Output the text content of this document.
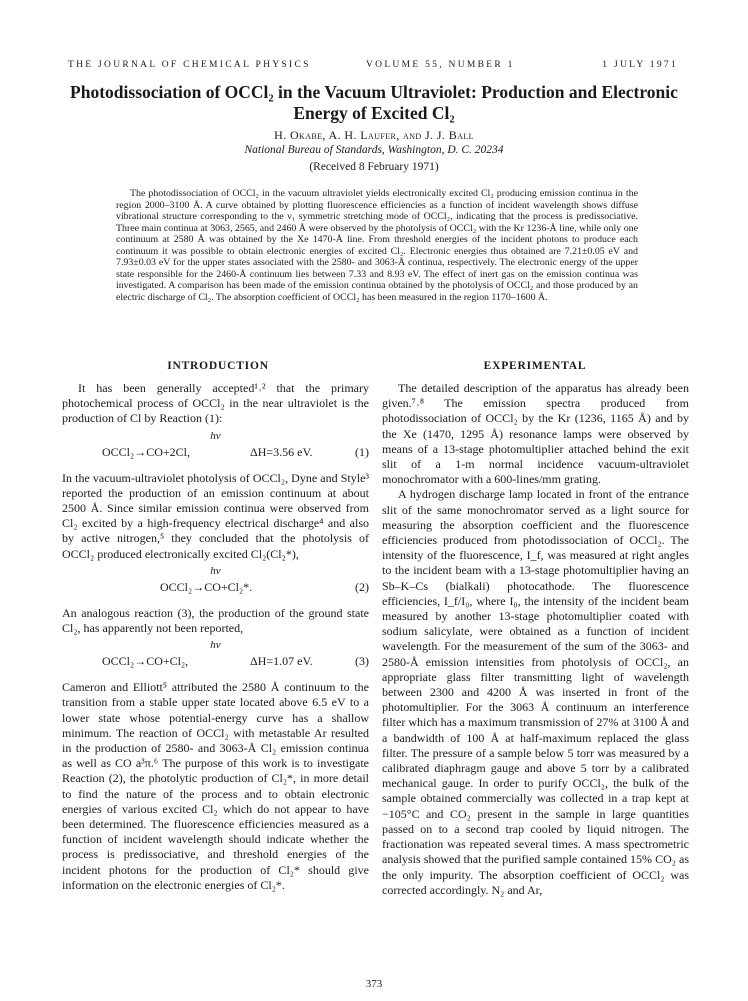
THE JOURNAL OF CHEMICAL PHYSICS	VOLUME 55, NUMBER 1	1 JULY 1971
Photodissociation of OCCl₂ in the Vacuum Ultraviolet: Production and Electronic Energy of Excited Cl₂
H. Okabe, A. H. Laufer, and J. J. Ball
National Bureau of Standards, Washington, D. C. 20234
(Received 8 February 1971)
The photodissociation of OCCl₂ in the vacuum ultraviolet yields electronically excited Cl₂ producing emission continua in the region 2000–3100 Å. A curve obtained by plotting fluorescence efficiencies as a function of incident wavelength shows diffuse vibrational structure corresponding to the ν₁ symmetric stretching mode of OCCl₂, indicating that the process is predissociative. Three main continua at 3063, 2565, and 2460 Å were observed by the photolysis of OCCl₂ with the Kr 1236-Å line, while only one continuum at 2580 Å was obtained by the Xe 1470-Å line. From threshold energies of the incident photons to produce each continuum it was possible to obtain electronic energies of excited Cl₂. Electronic energies thus obtained are 7.21±0.05 eV and 7.93±0.03 eV for the upper states associated with the 2580- and 3063-Å continua, respectively. The electronic energy of the upper state responsible for the 2460-Å continuum lies between 7.33 and 8.93 eV. The effect of inert gas on the emission continua was investigated. A comparison has been made of the emission continua obtained by the photolysis of OCCl₂ and those produced by an electric discharge of Cl₂. The absorption coefficient of OCCl₂ has been measured in the region 1170–1600 Å.
INTRODUCTION	EXPERIMENTAL

It has been generally accepted¹˒² that the primary photochemical process of OCCl₂ in the near ultraviolet is the production of Cl by Reaction (1):

hν
OCCl₂→CO+2Cl,	ΔH=3.56 eV.	(1)

In the vacuum-ultraviolet photolysis of OCCl₂, Dyne and Style³ reported the production of an emission continuum at about 2500 Å. Since similar emission continua were observed from Cl₂ excited by a high-frequency electrical discharge⁴ and also by active nitrogen,⁵ they concluded that the photolysis of OCCl₂ produced electronically excited Cl₂(Cl₂*),

hν
OCCl₂→CO+Cl₂*.	(2)

An analogous reaction (3), the production of the ground state Cl₂, has apparently not been reported,

hν
OCCl₂→CO+Cl₂,	ΔH=1.07 eV.	(3)

Cameron and Elliott⁵ attributed the 2580 Å continuum to the transition from a stable upper state located above 6.5 eV to a lower state whose potential-energy curve has a shallow minimum. The reaction of OCCl₂ with metastable Ar resulted in the production of 2580- and 3063-Å Cl₂ emission continua as well as CO a³π.⁶ The purpose of this work is to investigate Reaction (2), the photolytic production of Cl₂*, in more detail to find the nature of the process and to obtain electronic energies of various excited Cl₂ which do not appear to have been determined. The fluorescence efficiencies measured as a function of incident wavelength should indicate whether the process is predissociative, and threshold energies of the incident photons for the production of Cl₂* should give information on the electronic energies of Cl₂*.

The detailed description of the apparatus has already been given.⁷˒⁸ The emission spectra produced from photodissociation of OCCl₂ by the Kr (1236, 1165 Å) and by the Xe (1470, 1295 Å) resonance lamps were observed by means of a 13-stage photomultiplier attached behind the exit slit of a 1-m normal incidence vacuum-ultraviolet monochromator with a 600-lines/mm grating.

A hydrogen discharge lamp located in front of the entrance slit of the same monochromator served as a light source for measuring the absorption coefficient and the fluorescence efficiencies produced from photodissociation of OCCl₂. The intensity of the fluorescence, I_f, was measured at right angles to the incident beam with a 13-stage photomultiplier having an Sb–K–Cs (bialkali) photocathode. The fluorescence efficiencies, I_f/I₀, where I₀, the intensity of the incident beam measured by another 13-stage photomultiplier coated with sodium salicylate, were obtained as a function of incident wavelength. For the measurement of the sum of the 3063- and 2580-Å emission intensities from photolysis of OCCl₂, an appropriate glass filter transmitting light of wavelength between 2300 and 4200 Å was inserted in front of the photomultiplier. For the 3063 Å continuum an interference filter which has a maximum transmission of 27% at 3100 Å and a bandwidth of 100 Å at half-maximum replaced the glass filter. The pressure of a sample below 5 torr was measured by a calibrated diaphragm gauge and above 5 torr by a calibrated mechanical gauge. In order to purify OCCl₂, the bulk of the sample obtained commercially was collected in a trap kept at −105°C and CO₂ present in the sample in large quantities passed on to a second trap cooled by liquid nitrogen. The fractionation was repeated several times. A mass spectrometric analysis showed that the purified sample contained 15% CO₂ as the only impurity. The absorption coefficient of OCCl₂ was corrected accordingly. N₂ and Ar,

373
